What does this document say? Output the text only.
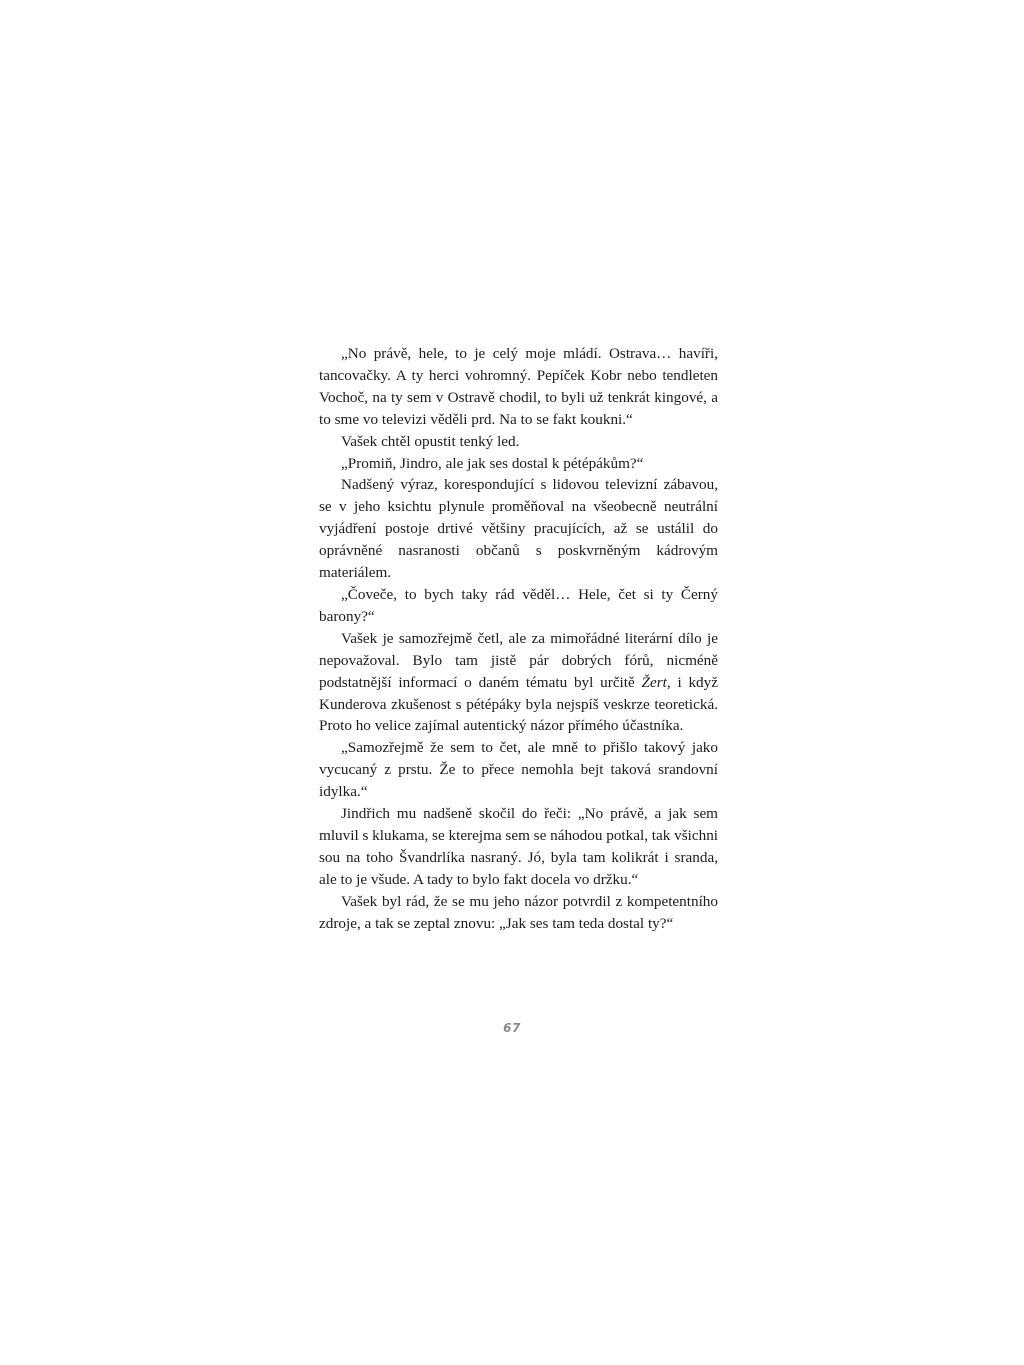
„No právě, hele, to je celý moje mládí. Ostrava… havíři, tancovačky. A ty herci vohromný. Pepíček Kobr nebo tendleten Vochoč, na ty sem v Ostravě chodil, to byli už tenkrát kingové, a to sme vo televizi věděli prd. Na to se fakt koukni.“

Vašek chtěl opustit tenký led.

„Promiň, Jindro, ale jak ses dostal k pétépákům?“

Nadšený výraz, korespondující s lidovou televizní zábavou, se v jeho ksichtu plynule proměňoval na všeobecně neutrální vyjádření postoje drtivé většiny pracujících, až se ustálil do oprávněné nasranosti občanů s poskvrněným kádrovým materiálem.

„Čoveče, to bych taky rád věděl… Hele, čet si ty Černý barony?“

Vašek je samozřejmě četl, ale za mimořádné literární dílo je nepovažoval. Bylo tam jistě pár dobrých fórů, nicméně podstatnější informací o daném tématu byl určitě Žert, i když Kunderova zkušenost s pétépáky byla nejspíš veskrze teoretická. Proto ho velice zajímal autentický názor přímého účastníka.

„Samozřejmě že sem to čet, ale mně to přišlo takový jako vycucaný z prstu. Že to přece nemohla bejt taková srandovní idylka.“

Jindřich mu nadšeně skočil do řeči: „No právě, a jak sem mluvil s klukama, se kterejma sem se náhodou potkal, tak všichni sou na toho Švandrlíka nasraný. Jó, byla tam kolikrát i sranda, ale to je všude. A tady to bylo fakt docela vo držku.“

Vašek byl rád, že se mu jeho názor potvrdil z kompetentního zdroje, a tak se zeptal znovu: „Jak ses tam teda dostal ty?“

67
